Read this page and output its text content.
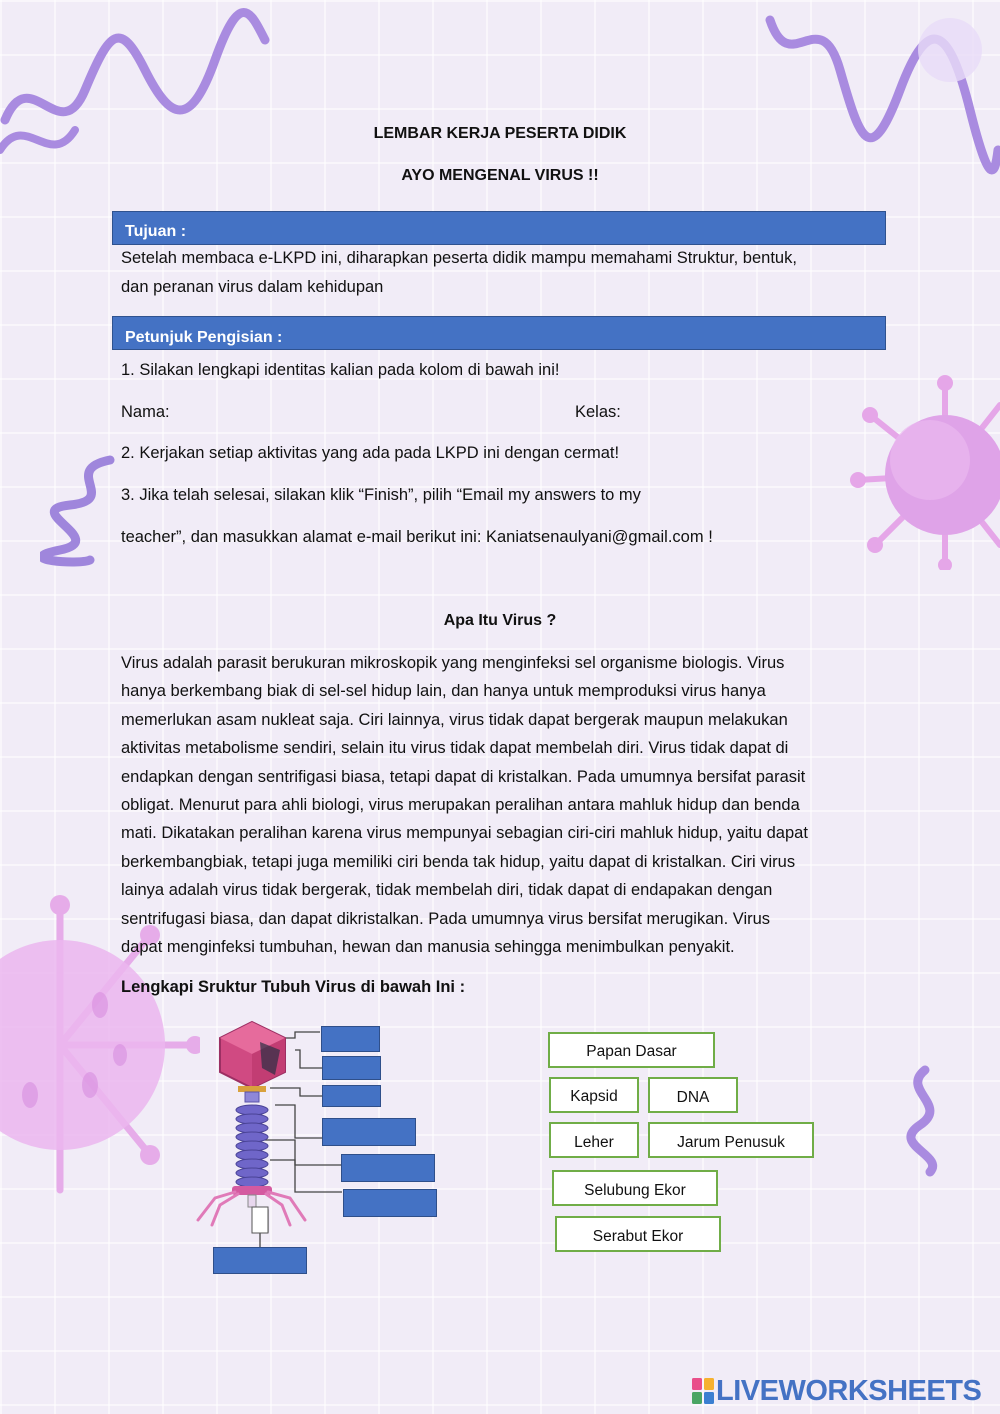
LEMBAR KERJA PESERTA DIDIK
AYO MENGENAL VIRUS !!
Tujuan :
Setelah membaca e-LKPD ini, diharapkan peserta didik mampu memahami Struktur, bentuk,
dan peranan virus dalam kehidupan
Petunjuk Pengisian :
1. Silakan lengkapi identitas kalian pada kolom di bawah ini!
Nama:	Kelas:
2. Kerjakan setiap aktivitas yang ada pada LKPD ini dengan cermat!
3. Jika telah selesai, silakan klik “Finish”, pilih “Email my answers to my
teacher”, dan masukkan alamat e-mail berikut ini: Kaniatsenaulyani@gmail.com !
Apa Itu Virus ?

Virus adalah parasit berukuran mikroskopik yang menginfeksi sel organisme biologis. Virus
hanya berkembang biak di sel-sel hidup lain, dan hanya untuk memproduksi virus hanya
memerlukan asam nukleat saja. Ciri lainnya, virus tidak dapat bergerak maupun melakukan
aktivitas metabolisme sendiri, selain itu virus tidak dapat membelah diri. Virus tidak dapat di
endapkan dengan sentrifigasi biasa, tetapi dapat di kristalkan. Pada umumnya bersifat parasit
obligat. Menurut para ahli biologi, virus merupakan peralihan antara mahluk hidup dan benda
mati. Dikatakan peralihan karena virus mempunyai sebagian ciri-ciri mahluk hidup, yaitu dapat
berkembangbiak, tetapi juga memiliki ciri benda tak hidup, yaitu dapat di kristalkan. Ciri virus
lainya adalah virus tidak bergerak, tidak membelah diri, tidak dapat di endapakan dengan
sentrifugasi biasa, dan dapat dikristalkan. Pada umumnya virus bersifat merugikan. Virus
dapat menginfeksi tumbuhan, hewan dan manusia sehingga menimbulkan penyakit.

Lengkapi Sruktur Tubuh Virus di bawah Ini :
Papan Dasar
Kapsid	DNA
Leher	Jarum Penusuk
Selubung Ekor
Serabut Ekor
LIVEWORKSHEETS
